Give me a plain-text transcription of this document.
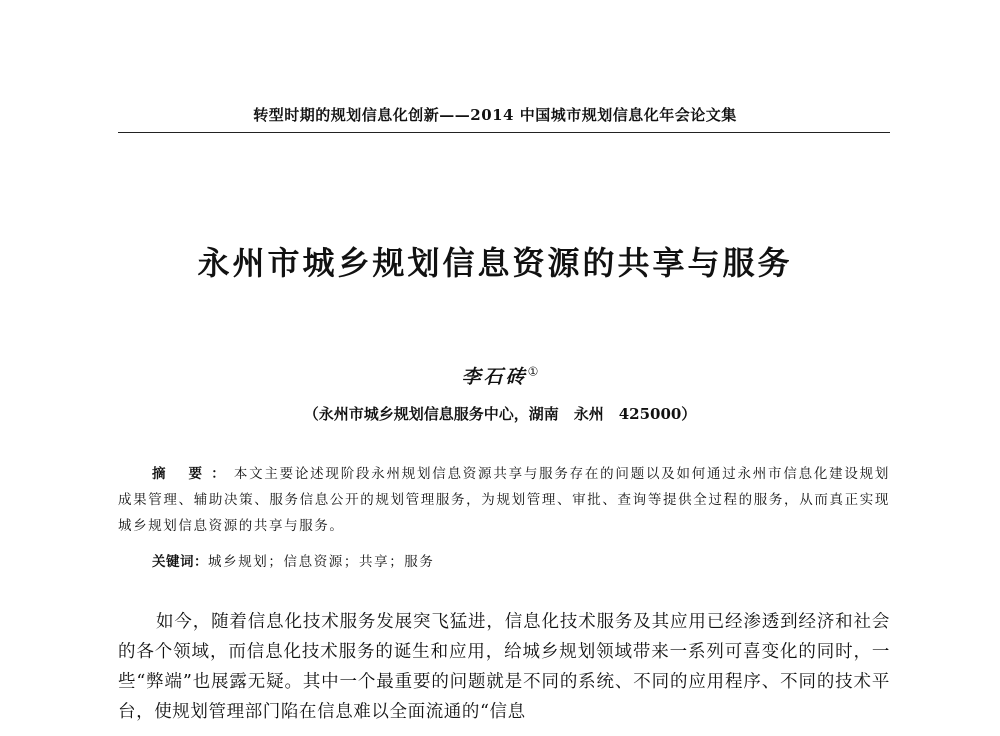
转型时期的规划信息化创新——2014 中国城市规划信息化年会论文集
永州市城乡规划信息资源的共享与服务
李石砖①
（永州市城乡规划信息服务中心，湖南　永州　425000）
摘 要：本文主要论述现阶段永州规划信息资源共享与服务存在的问题以及如何通过永州市信息化建设规划成果管理、辅助决策、服务信息公开的规划管理服务，为规划管理、审批、查询等提供全过程的服务，从而真正实现城乡规划信息资源的共享与服务。
关键词：城乡规划；信息资源；共享；服务
如今，随着信息化技术服务发展突飞猛进，信息化技术服务及其应用已经渗透到经济和社会的各个领域，而信息化技术服务的诞生和应用，给城乡规划领域带来一系列可喜变化的同时，一些“弊端”也展露无疑。其中一个最重要的问题就是不同的系统、不同的应用程序、不同的技术平台，使规划管理部门陷在信息难以全面流通的“信息
